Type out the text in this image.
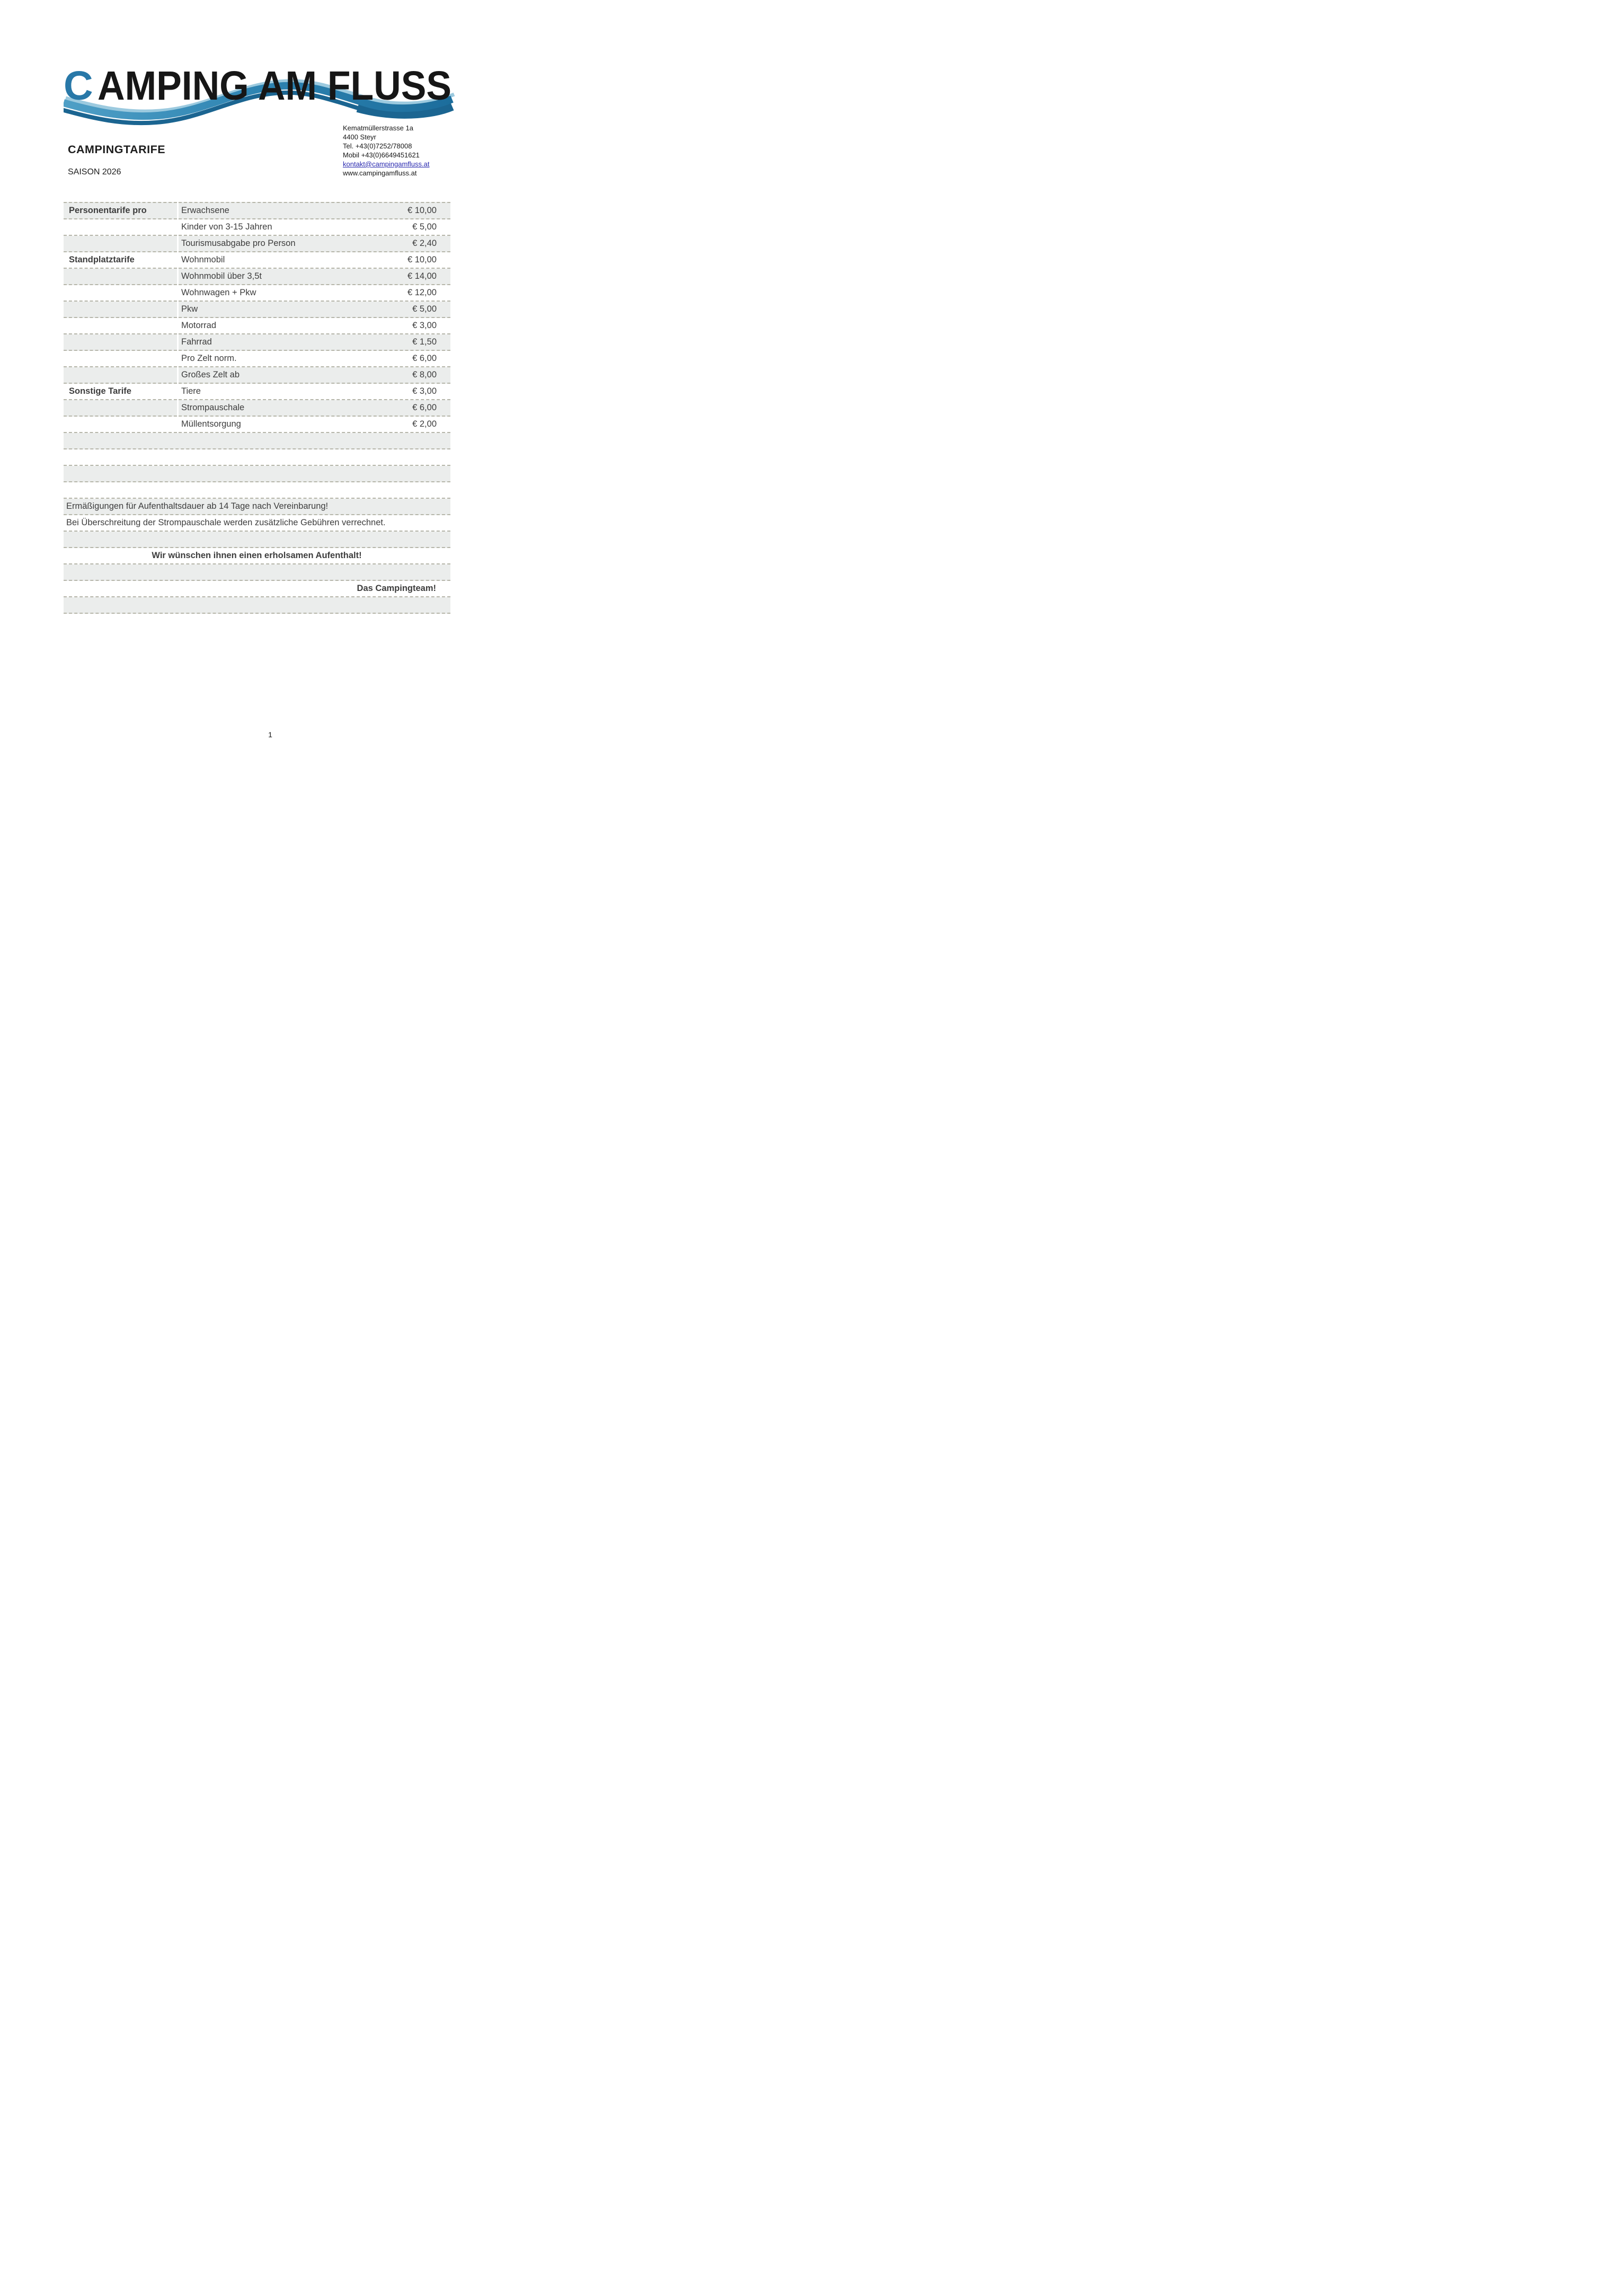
C AMPING AM FLUSS
Kematmüllerstrasse 1a
4400 Steyr
Tel. +43(0)7252/78008
Mobil +43(0)6649451621
kontakt@campingamfluss.at
www.campingamfluss.at
CAMPINGTARIFE
SAISON 2026
Personentarife pro	Erwachsene € 10,00

	Kinder von 3-15 Jahren € 5,00

	Tourismusabgabe pro Person € 2,40

Standplatztarife	Wohnmobil € 10,00

	Wohnmobil über 3,5t € 14,00

	Wohnwagen + Pkw € 12,00

	Pkw € 5,00

	Motorrad € 3,00

	Fahrrad € 1,50

	Pro Zelt norm. € 6,00

	Großes Zelt ab € 8,00

Sonstige Tarife	Tiere € 3,00

	Strompauschale € 6,00

	Müllentsorgung € 2,00

Ermäßigungen für Aufenthaltsdauer ab 14 Tage nach Vereinbarung!	
Bei Überschreitung der Strompauschale werden zusätzliche Gebühren verrechnet.	

Wir wünschen ihnen einen erholsamen Aufenthalt!	

Das Campingteam!	

1
